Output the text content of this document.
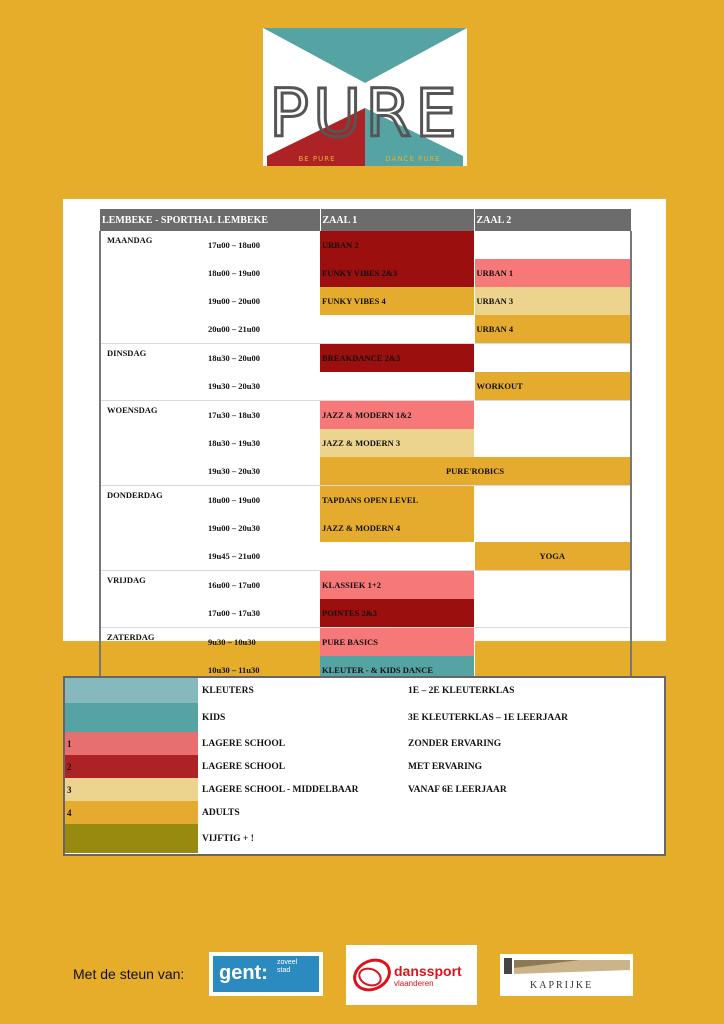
PURE
BE PURE	DANCE PURE
LEMBEKE - SPORTHAL LEMBEKE		ZAAL 1	ZAAL 2
MAANDAG	17u00 – 18u00	URBAN 2	
	18u00 – 19u00	FUNKY VIBES 2&3	URBAN 1
	19u00 – 20u00	FUNKY VIBES 4	URBAN 3
	20u00 – 21u00		URBAN 4
DINSDAG	18u30 – 20u00	BREAKDANCE 2&3	
	19u30 – 20u30		WORKOUT
WOENSDAG	17u30 – 18u30	JAZZ & MODERN 1&2	
	18u30 – 19u30	JAZZ & MODERN 3	
	19u30 – 20u30	PURE'ROBICS	
DONDERDAG	18u00 – 19u00	TAPDANS OPEN LEVEL	
	19u00 – 20u30	JAZZ & MODERN 4	
	19u45 – 21u00		YOGA
VRIJDAG	16u00 – 17u00	KLASSIEK 1+2	
	17u00 – 17u30	POINTES 2&3	
ZATERDAG	9u30 – 10u30	PURE BASICS	
	10u30 – 11u30	KLEUTER - & KIDS DANCE	
	KLEUTERS	1E – 2E KLEUTERKLAS
	KIDS	3E KLEUTERKLAS – 1E LEERJAAR
1	LAGERE SCHOOL	ZONDER ERVARING
2	LAGERE SCHOOL	MET ERVARING
3	LAGERE SCHOOL - MIDDELBAAR	VANAF 6E LEERJAAR
4	ADULTS	
	VIJFTIG + !	
Met de steun van: gent: zoveel
stad	danssport
vlaanderen	KAPRIJKE
